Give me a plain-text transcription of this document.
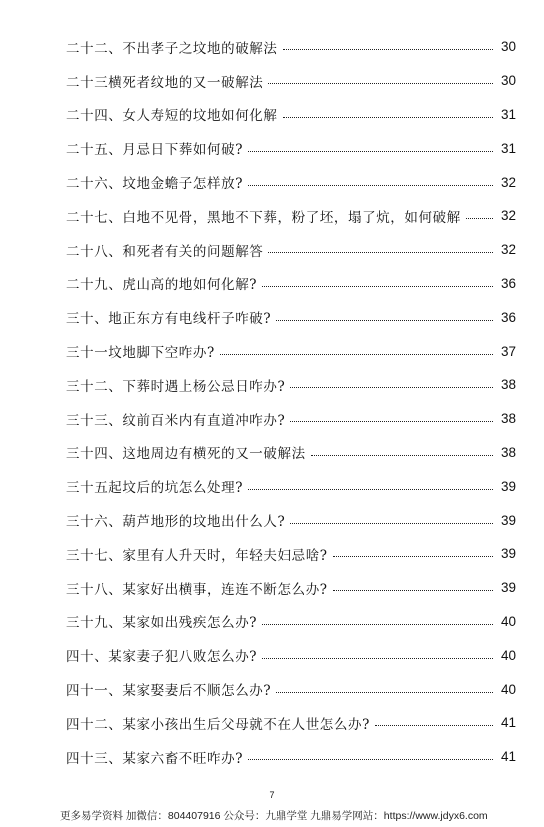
二十二、不出孝子之坟地的破解法	30
二十三横死者纹地的又一破解法	30
二十四、女人寿短的坟地如何化解	31
二十五、月忌日下葬如何破?	31
二十六、坟地金蟾子怎样放?	32
二十七、白地不见骨，黑地不下葬，粉了坯，塌了炕，如何破解	32
二十八、和死者有关的问题解答	32
二十九、虎山高的地如何化解?	36
三十、地正东方有电线杆子咋破?	36
三十一坟地脚下空咋办?	37
三十二、下葬时遇上杨公忌日咋办?	38
三十三、纹前百米内有直道冲咋办?	38
三十四、这地周边有横死的又一破解法	38
三十五起坟后的坑怎么处理?	39
三十六、葫芦地形的坟地出什么人?	39
三十七、家里有人升天时，年轻夫妇忌啥?	39
三十八、某家好出横事，连连不断怎么办?	39
三十九、某家如出残疾怎么办?	40
四十、某家妻子犯八败怎么办?	40
四十一、某家娶妻后不顺怎么办?	40
四十二、某家小孩出生后父母就不在人世怎么办?	41
四十三、某家六畜不旺咋办?	41
7
更多易学资料 加微信：804407916 公众号：九鼎学堂 九鼎易学网站：https://www.jdyx6.com
